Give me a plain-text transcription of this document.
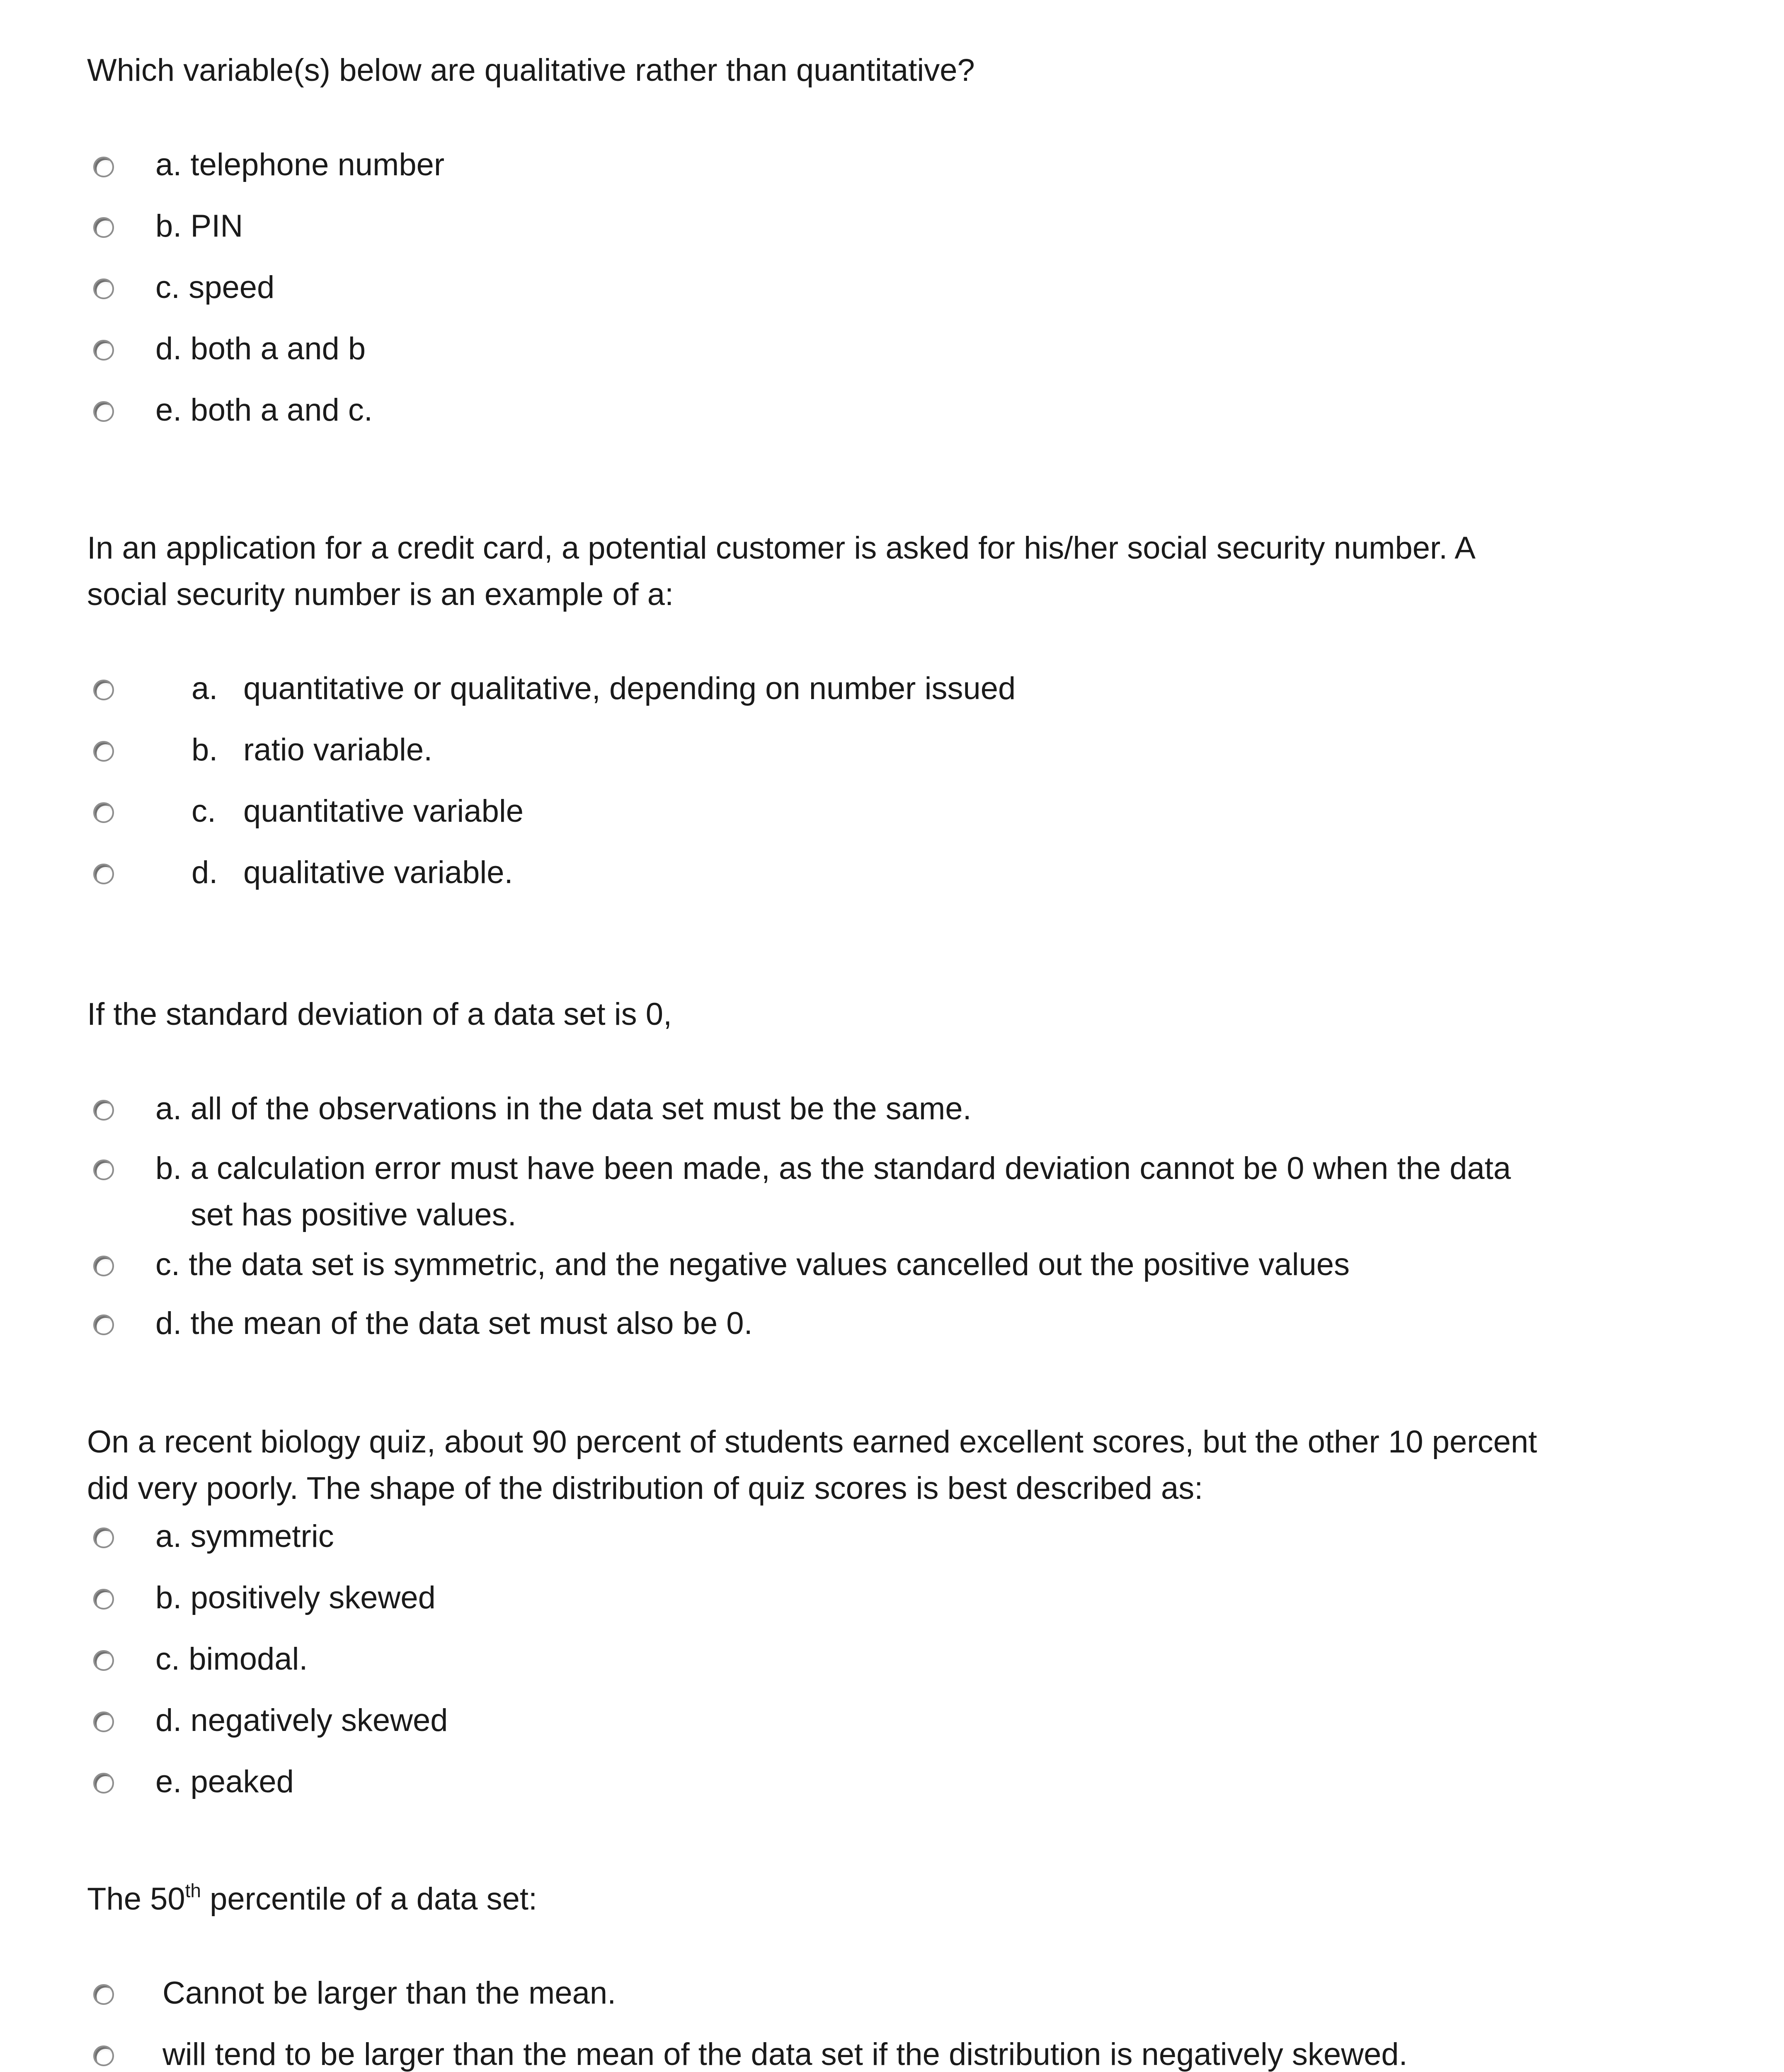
Which variable(s) below are qualitative rather than quantitative?
a. telephone number
b. PIN
c. speed
d. both a and b
e. both a and c.
In an application for a credit card, a potential customer is asked for his/her social security number. A
social security number is an example of a:
a. quantitative or qualitative, depending on number issued
b. ratio variable.
c. quantitative variable
d. qualitative variable.
If the standard deviation of a data set is 0,
a. all of the observations in the data set must be the same.
b. a calculation error must have been made, as the standard deviation cannot be 0 when the data
set has positive values.
c. the data set is symmetric, and the negative values cancelled out the positive values
d. the mean of the data set must also be 0.
On a recent biology quiz, about 90 percent of students earned excellent scores, but the other 10 percent
did very poorly. The shape of the distribution of quiz scores is best described as:
a. symmetric
b. positively skewed
c. bimodal.
d. negatively skewed
e. peaked
The 50th percentile of a data set:
Cannot be larger than the mean.
will tend to be larger than the mean of the data set if the distribution is negatively skewed.
